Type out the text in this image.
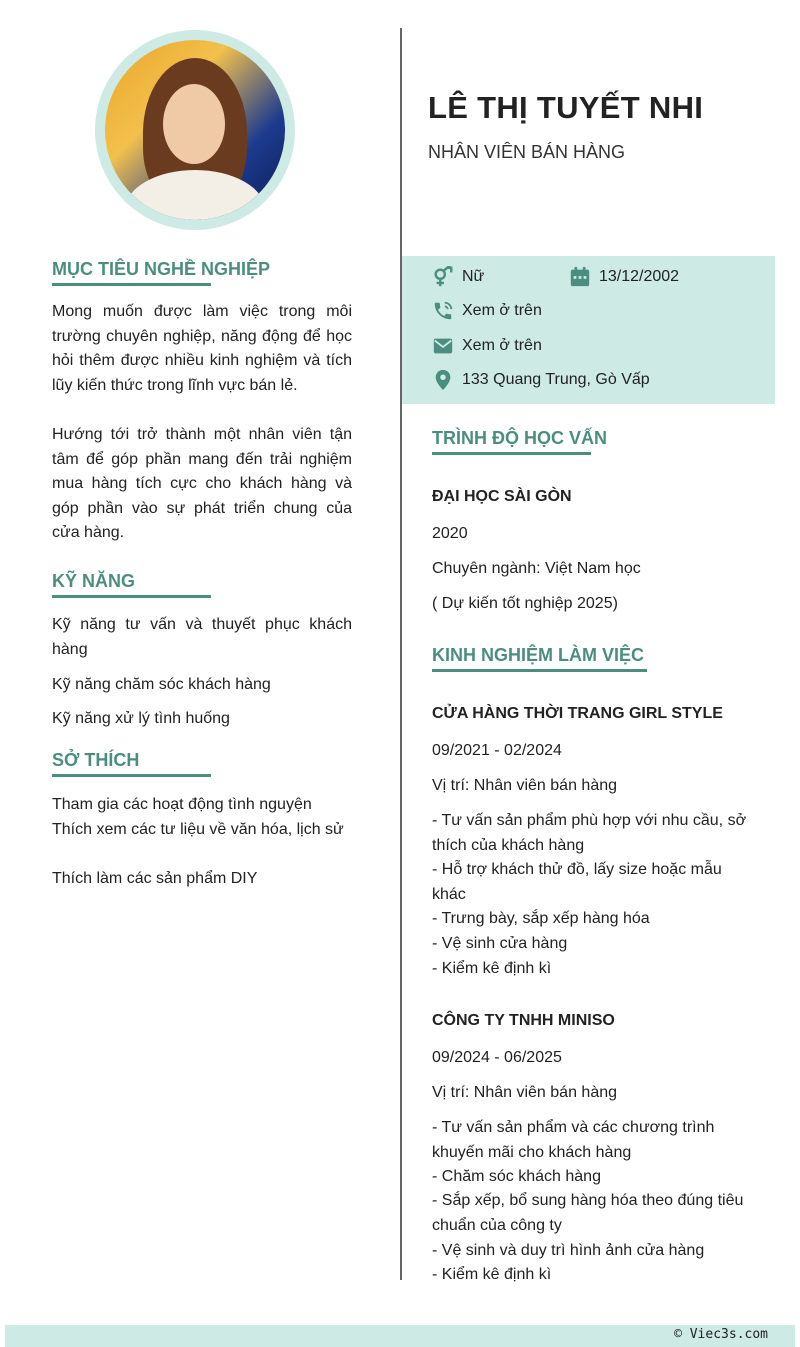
LÊ THỊ TUYẾT NHI
NHÂN VIÊN BÁN HÀNG
MỤC TIÊU NGHỀ NGHIỆP
Mong muốn được làm việc trong môi trường chuyên nghiệp, năng động để học hỏi thêm được nhiều kinh nghiệm và tích lũy kiến thức trong lĩnh vực bán lẻ.
Hướng tới trở thành một nhân viên tận tâm để góp phần mang đến trải nghiệm mua hàng tích cực cho khách hàng và góp phần vào sự phát triển chung của cửa hàng.
KỸ NĂNG
Kỹ năng tư vấn và thuyết phục khách hàng
Kỹ năng chăm sóc khách hàng
Kỹ năng xử lý tình huống
SỞ THÍCH
Tham gia các hoạt động tình nguyện
Thích xem các tư liệu về văn hóa, lịch sử
Thích làm các sản phẩm DIY
Nữ	13/12/2002
Xem ở trên
Xem ở trên
133 Quang Trung, Gò Vấp
TRÌNH ĐỘ HỌC VẤN
ĐẠI HỌC SÀI GÒN
2020
Chuyên ngành: Việt Nam học
( Dự kiến tốt nghiệp 2025)
KINH NGHIỆM LÀM VIỆC
CỬA HÀNG THỜI TRANG GIRL STYLE
09/2021 - 02/2024
Vị trí: Nhân viên bán hàng
- Tư vấn sản phẩm phù hợp với nhu cầu, sở thích của khách hàng
- Hỗ trợ khách thử đồ, lấy size hoặc mẫu khác
- Trưng bày, sắp xếp hàng hóa
- Vệ sinh cửa hàng
- Kiểm kê định kì
CÔNG TY TNHH MINISO
09/2024 - 06/2025
Vị trí: Nhân viên bán hàng
- Tư vấn sản phẩm và các chương trình khuyến mãi cho khách hàng
- Chăm sóc khách hàng
- Sắp xếp, bổ sung hàng hóa theo đúng tiêu chuẩn của công ty
- Vệ sinh và duy trì hình ảnh cửa hàng
- Kiểm kê định kì
© Viec3s.com
